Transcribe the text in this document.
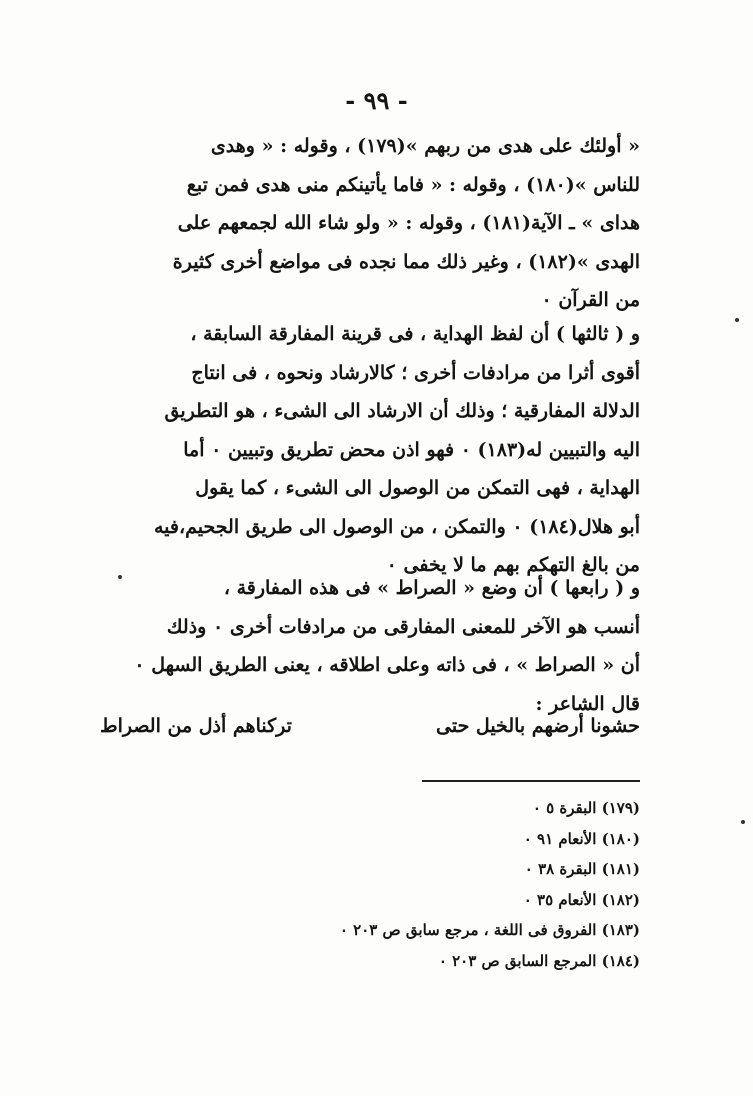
- ٩٩ -
« أولئك على هدى من ربهم »(١٧٩) ، وقوله : « وهدى
للناس »(١٨٠) ، وقوله : « فاما يأتينكم منى هدى فمن تبع
هداى » ـ الآية(١٨١) ، وقوله : « ولو شاء الله لجمعهم على
الهدى »(١٨٢) ، وغير ذلك مما نجده فى مواضع أخرى كثيرة
من القرآن ٠
و ( ثالثها ) أن لفظ الهداية ، فى قرينة المفارقة السابقة ،
أقوى أثرا من مرادفات أخرى ؛ كالارشاد ونحوه ، فى انتاج
الدلالة المفارقية ؛ وذلك أن الارشاد الى الشىء ، هو التطريق
اليه والتبيين له(١٨٣) ٠ فهو اذن محض تطريق وتبيين ٠ أما
الهداية ، فهى التمكن من الوصول الى الشىء ، كما يقول
أبو هلال(١٨٤) ٠ والتمكن ، من الوصول الى طريق الجحيم،فيه
من بالغ التهكم بهم ما لا يخفى ٠
و ( رابعها ) أن وضع « الصراط » فى هذه المفارقة ،
أنسب هو الآخر للمعنى المفارقى من مرادفات أخرى ٠ وذلك
أن « الصراط » ، فى ذاته وعلى اطلاقه ، يعنى الطريق السهل ٠
قال الشاعر :
حشونا أرضهم بالخيل حتى
تركناهم أذل من الصراط
(١٧٩) البقرة ٥ ٠
(١٨٠) الأنعام ٩١ ٠
(١٨١) البقرة ٣٨ ٠
(١٨٢) الأنعام ٣٥ ٠
(١٨٣) الفروق فى اللغة ، مرجع سابق ص ٢٠٣ ٠
(١٨٤) المرجع السابق ص ٢٠٣ ٠
